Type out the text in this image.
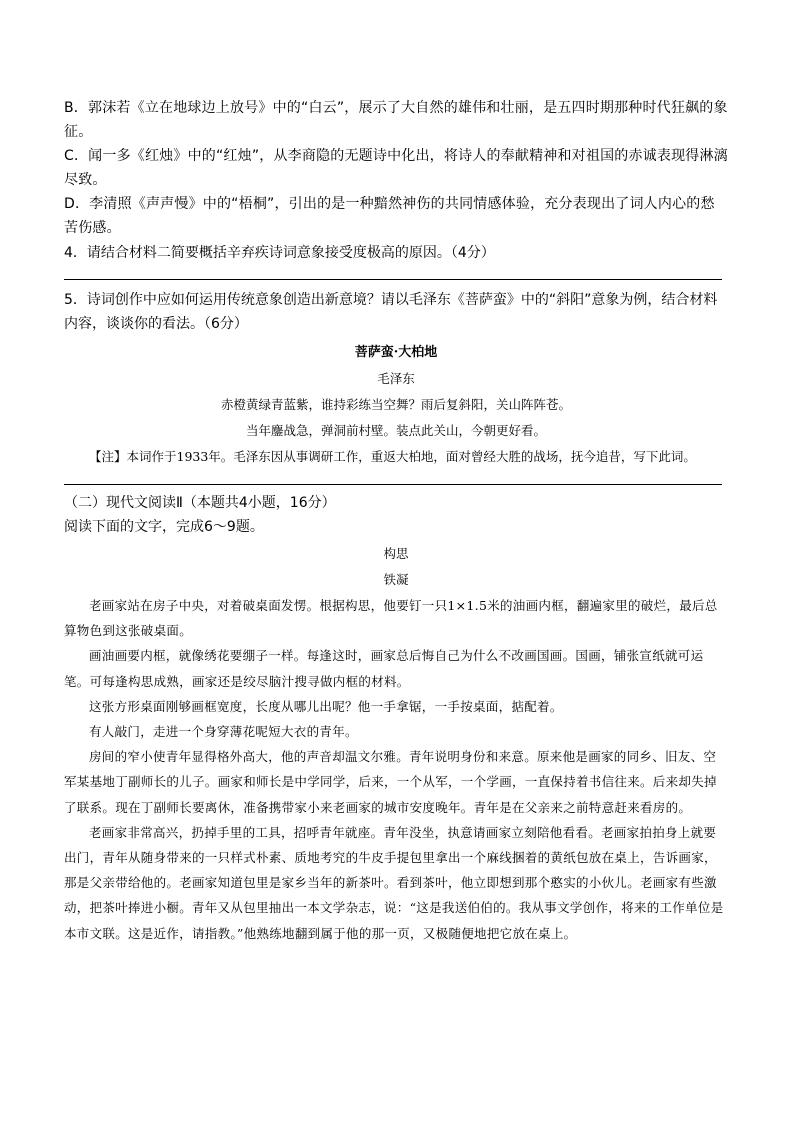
B．郭沫若《立在地球边上放号》中的“白云”，展示了大自然的雄伟和壮丽，是五四时期那种时代狂飙的象征。

C．闻一多《红烛》中的“红烛”，从李商隐的无题诗中化出，将诗人的奉献精神和对祖国的赤诚表现得淋漓尽致。

D．李清照《声声慢》中的“梧桐”，引出的是一种黯然神伤的共同情感体验，充分表现出了词人内心的愁苦伤感。

4．请结合材料二简要概括辛弃疾诗词意象接受度极高的原因。（4分）

5．诗词创作中应如何运用传统意象创造出新意境？请以毛泽东《菩萨蛮》中的“斜阳”意象为例，结合材料内容，谈谈你的看法。（6分）

菩萨蛮·大柏地

毛泽东

赤橙黄绿青蓝紫，谁持彩练当空舞？雨后复斜阳，关山阵阵苍。

当年鏖战急，弹洞前村壁。装点此关山，今朝更好看。

【注】本词作于1933年。毛泽东因从事调研工作，重返大柏地，面对曾经大胜的战场，抚今追昔，写下此词。

（二）现代文阅读Ⅱ（本题共4小题，16分）

阅读下面的文字，完成6～9题。

构思

铁凝

老画家站在房子中央，对着破桌面发愣。根据构思，他要钉一只1×1.5米的油画内框，翻遍家里的破烂，最后总算物色到这张破桌面。

画油画要内框，就像绣花要绷子一样。每逢这时，画家总后悔自己为什么不改画国画。国画，铺张宣纸就可运笔。可每逢构思成熟，画家还是绞尽脑汁搜寻做内框的材料。

这张方形桌面刚够画框宽度，长度从哪儿出呢？他一手拿锯，一手按桌面，掂配着。

有人敲门，走进一个身穿薄花呢短大衣的青年。

房间的窄小使青年显得格外高大，他的声音却温文尔雅。青年说明身份和来意。原来他是画家的同乡、旧友、空军某基地丁副师长的儿子。画家和师长是中学同学，后来，一个从军，一个学画，一直保持着书信往来。后来却失掉了联系。现在丁副师长要离休，准备携带家小来老画家的城市安度晚年。青年是在父亲来之前特意赶来看房的。

老画家非常高兴，扔掉手里的工具，招呼青年就座。青年没坐，执意请画家立刻陪他看看。老画家拍拍身上就要出门，青年从随身带来的一只样式朴素、质地考究的牛皮手提包里拿出一个麻线捆着的黄纸包放在桌上，告诉画家，那是父亲带给他的。老画家知道包里是家乡当年的新茶叶。看到茶叶，他立即想到那个憨实的小伙儿。老画家有些激动，把茶叶捧进小橱。青年又从包里抽出一本文学杂志，说：“这是我送伯伯的。我从事文学创作，将来的工作单位是本市文联。这是近作，请指教。”他熟练地翻到属于他的那一页，又极随便地把它放在桌上。
